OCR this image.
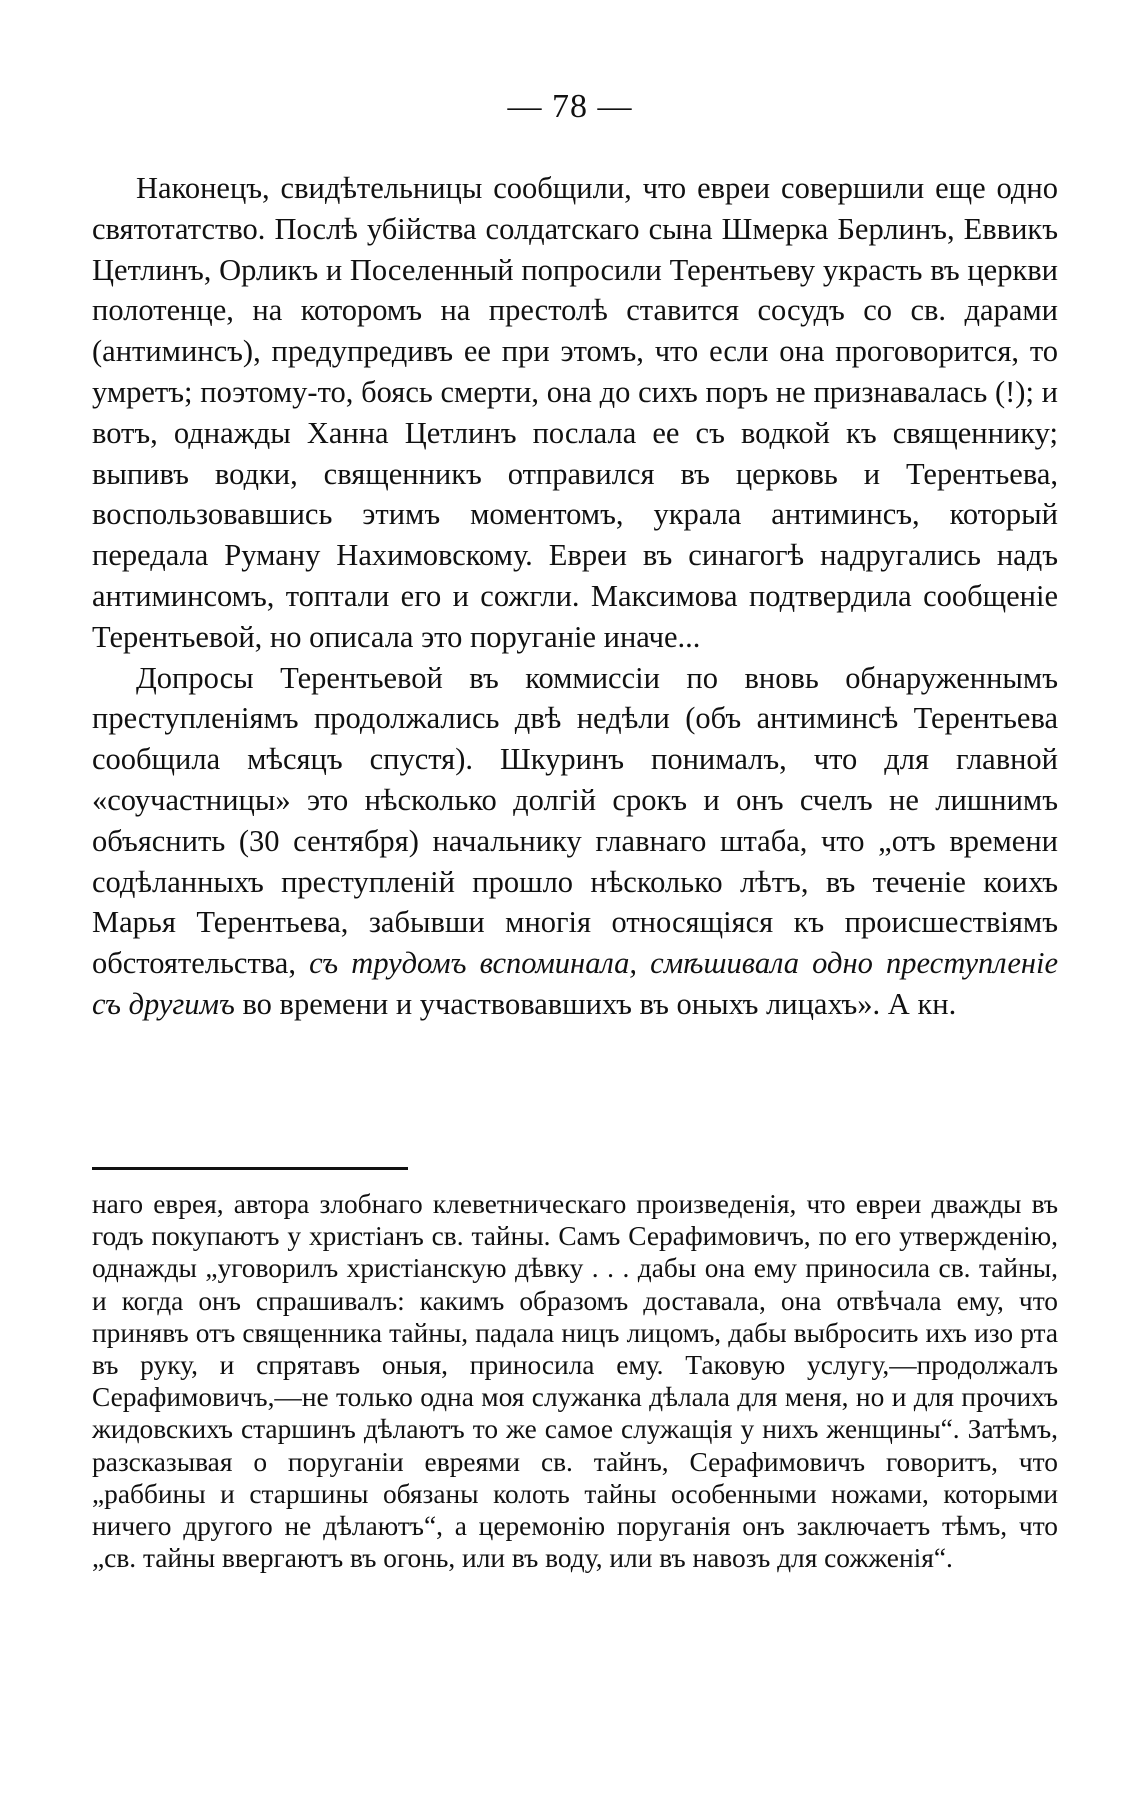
— 78 —

Наконецъ, свидѣтельницы сообщили, что евреи совершили еще одно святотатство. Послѣ убійства солдатскаго сына Шмерка Берлинъ, Еввикъ Цетлинъ, Орликъ и Поселенный попросили Терентьеву украсть въ церкви полотенце, на которомъ на престолѣ ставится сосудъ со св. дарами (антиминсъ), предупредивъ ее при этомъ, что если она проговорится, то умретъ; поэтому-то, боясь смерти, она до сихъ поръ не признавалась (!); и вотъ, однажды Ханна Цетлинъ послала ее съ водкой къ священнику; выпивъ водки, священникъ отправился въ церковь и Терентьева, воспользовавшись этимъ моментомъ, украла антиминсъ, который передала Руману Нахимовскому. Евреи въ синагогѣ надругались надъ антиминсомъ, топтали его и сожгли. Максимова подтвердила сообщеніе Терентьевой, но описала это поруганіе иначе...

Допросы Терентьевой въ коммиссіи по вновь обнаруженнымъ преступленіямъ продолжались двѣ недѣли (объ антиминсѣ Терентьева сообщила мѣсяцъ спустя). Шкуринъ понималъ, что для главной «соучастницы» это нѣсколько долгій срокъ и онъ счелъ не лишнимъ объяснить (30 сентября) начальнику главнаго штаба, что „отъ времени содѣланныхъ преступленій прошло нѣсколько лѣтъ, въ теченіе коихъ Марья Терентьева, забывши многія относящіяся къ происшествіямъ обстоятельства, съ трудомъ вспоминала, смѣшивала одно преступленіе съ другимъ во времени и участвовавшихъ въ оныхъ лицахъ». А кн.

наго еврея, автора злобнаго клеветническаго произведенія, что евреи дважды въ годъ покупаютъ у христіанъ св. тайны. Самъ Серафимовичъ, по его утвержденію, однажды „уговорилъ христіанскую дѣвку . . . дабы она ему приносила св. тайны, и когда онъ спрашивалъ: какимъ образомъ доставала, она отвѣчала ему, что принявъ отъ священника тайны, падала ницъ лицомъ, дабы выбросить ихъ изо рта въ руку, и спрятавъ оныя, приносила ему. Таковую услугу,—продолжалъ Серафимовичъ,—не только одна моя служанка дѣлала для меня, но и для прочихъ жидовскихъ старшинъ дѣлаютъ то же самое служащія у нихъ женщины“. Затѣмъ, разсказывая о поруганіи евреями св. тайнъ, Серафимовичъ говоритъ, что „раббины и старшины обязаны колоть тайны особенными ножами, которыми ничего другого не дѣлаютъ“, а церемонію поруганія онъ заключаетъ тѣмъ, что „св. тайны ввергаютъ въ огонь, или въ воду, или въ навозъ для сожженія“.
